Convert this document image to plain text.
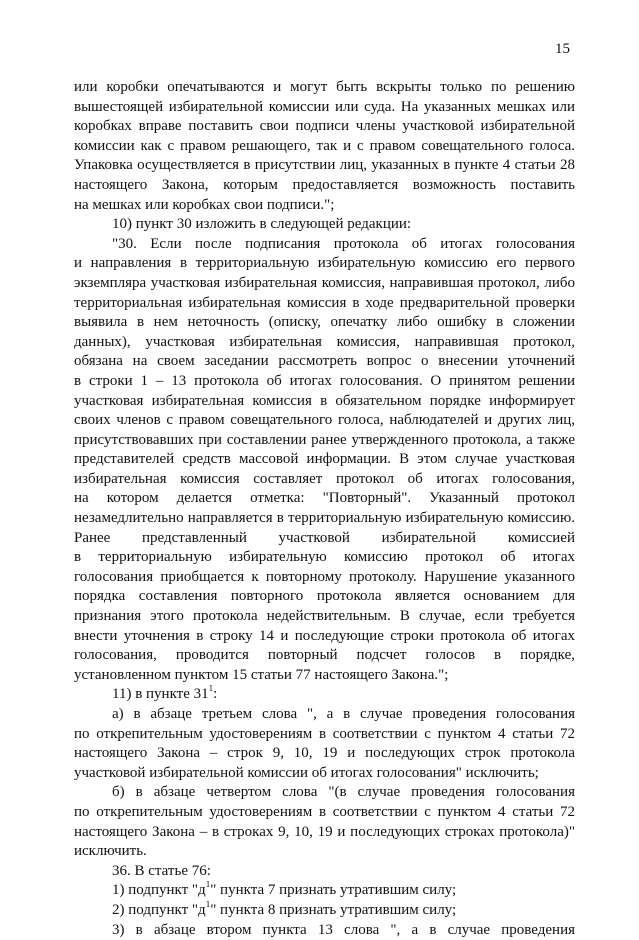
15
или коробки опечатываются и могут быть вскрыты только по решению
вышестоящей избирательной комиссии или суда. На указанных мешках или
коробках вправе поставить свои подписи члены участковой избирательной
комиссии как с правом решающего, так и с правом совещательного голоса.
Упаковка осуществляется в присутствии лиц, указанных в пункте 4 статьи 28
настоящего Закона, которым предоставляется возможность поставить
на мешках или коробках свои подписи.";
10) пункт 30 изложить в следующей редакции:
"30. Если после подписания протокола об итогах голосования
и направления в территориальную избирательную комиссию его первого
экземпляра участковая избирательная комиссия, направившая протокол, либо
территориальная избирательная комиссия в ходе предварительной проверки
выявила в нем неточность (описку, опечатку либо ошибку в сложении
данных), участковая избирательная комиссия, направившая протокол,
обязана на своем заседании рассмотреть вопрос о внесении уточнений
в строки 1 – 13 протокола об итогах голосования. О принятом решении
участковая избирательная комиссия в обязательном порядке информирует
своих членов с правом совещательного голоса, наблюдателей и других лиц,
присутствовавших при составлении ранее утвержденного протокола, а также
представителей средств массовой информации. В этом случае участковая
избирательная комиссия составляет протокол об итогах голосования,
на котором делается отметка: "Повторный". Указанный протокол
незамедлительно направляется в территориальную избирательную комиссию.
Ранее представленный участковой избирательной комиссией
в территориальную избирательную комиссию протокол об итогах
голосования приобщается к повторному протоколу. Нарушение указанного
порядка составления повторного протокола является основанием для
признания этого протокола недействительным. В случае, если требуется
внести уточнения в строку 14 и последующие строки протокола об итогах
голосования, проводится повторный подсчет голосов в порядке,
установленном пунктом 15 статьи 77 настоящего Закона.";
11) в пункте $31^1$:
а) в абзаце третьем слова ", а в случае проведения голосования
по открепительным удостоверениям в соответствии с пунктом 4 статьи 72
настоящего Закона – строк 9, 10, 19 и последующих строк протокола
участковой избирательной комиссии об итогах голосования" исключить;
б) в абзаце четвертом слова "(в случае проведения голосования
по открепительным удостоверениям в соответствии с пунктом 4 статьи 72
настоящего Закона – в строках 9, 10, 19 и последующих строках протокола)"
исключить.
36. В статье 76:
1) подпункт "$д^1$" пункта 7 признать утратившим силу;
2) подпункт "$д^1$" пункта 8 признать утратившим силу;
3) в абзаце втором пункта 13 слова ", а в случае проведения
